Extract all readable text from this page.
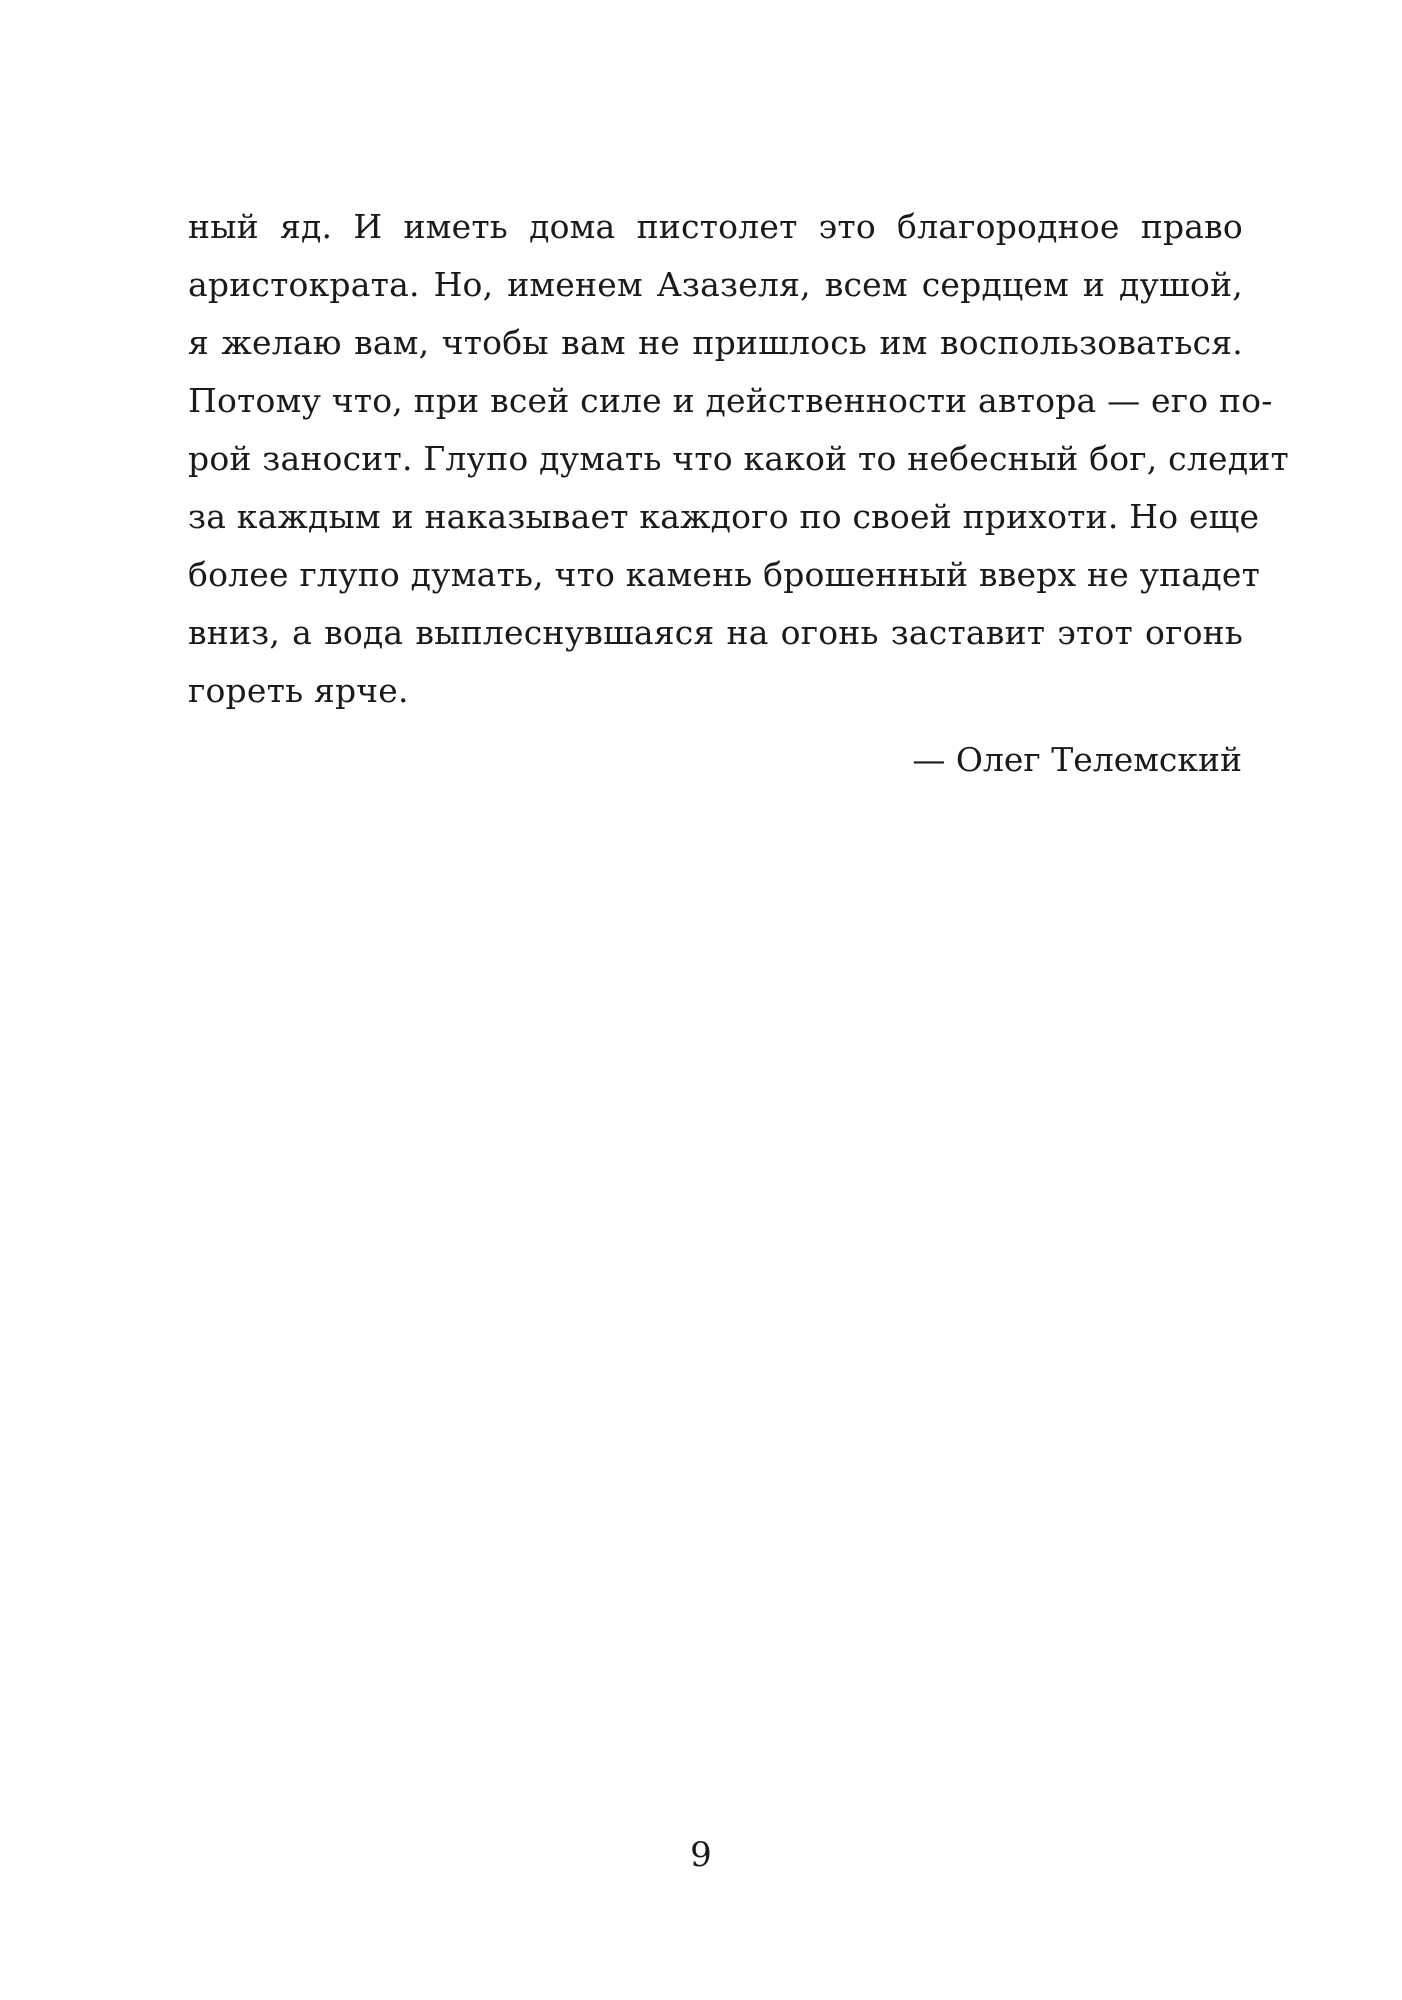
ный яд. И иметь дома пистолет это благородное право
аристократа. Но, именем Азазеля, всем сердцем и душой,
я желаю вам, чтобы вам не пришлось им воспользоваться.
Потому что, при всей силе и действенности автора — его по-
рой заносит. Глупо думать что какой то небесный бог, следит
за каждым и наказывает каждого по своей прихоти. Но еще
более глупо думать, что камень брошенный вверх не упадет
вниз, а вода выплеснувшаяся на огонь заставит этот огонь
гореть ярче.
— Олег Телемский
9
